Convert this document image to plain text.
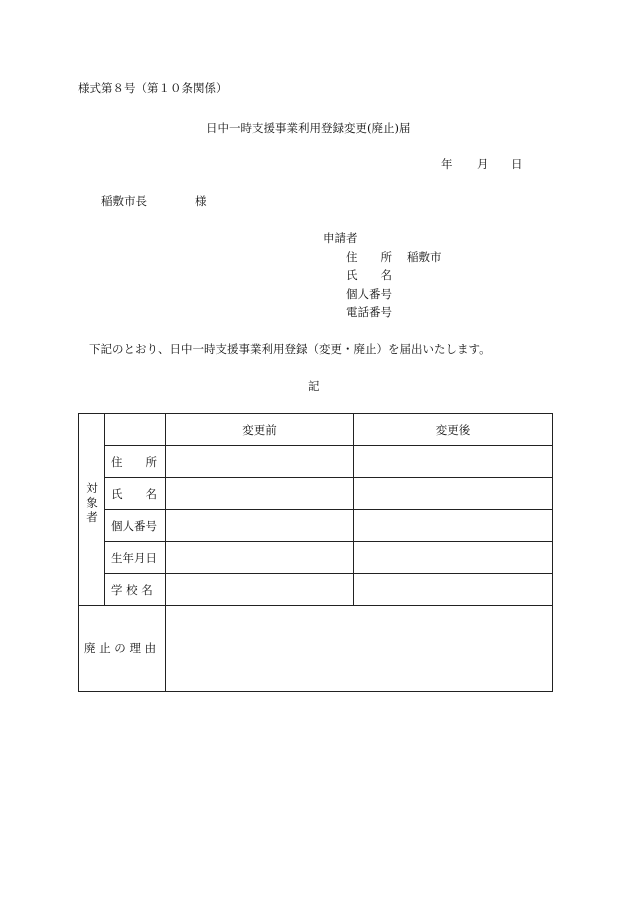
様式第８号（第１０条関係）
日中一時支援事業利用登録変更(廃止)届
年 月 日
稲敷市長	様
申請者
住　　所 稲敷市
氏　　名
個人番号
電話番号
下記のとおり、日中一時支援事業利用登録（変更・廃止）を届出いたします。
記
変更前	変更後
対象者
住　　所
氏　　名
個人番号
生年月日
学 校 名
廃 止 の 理 由
